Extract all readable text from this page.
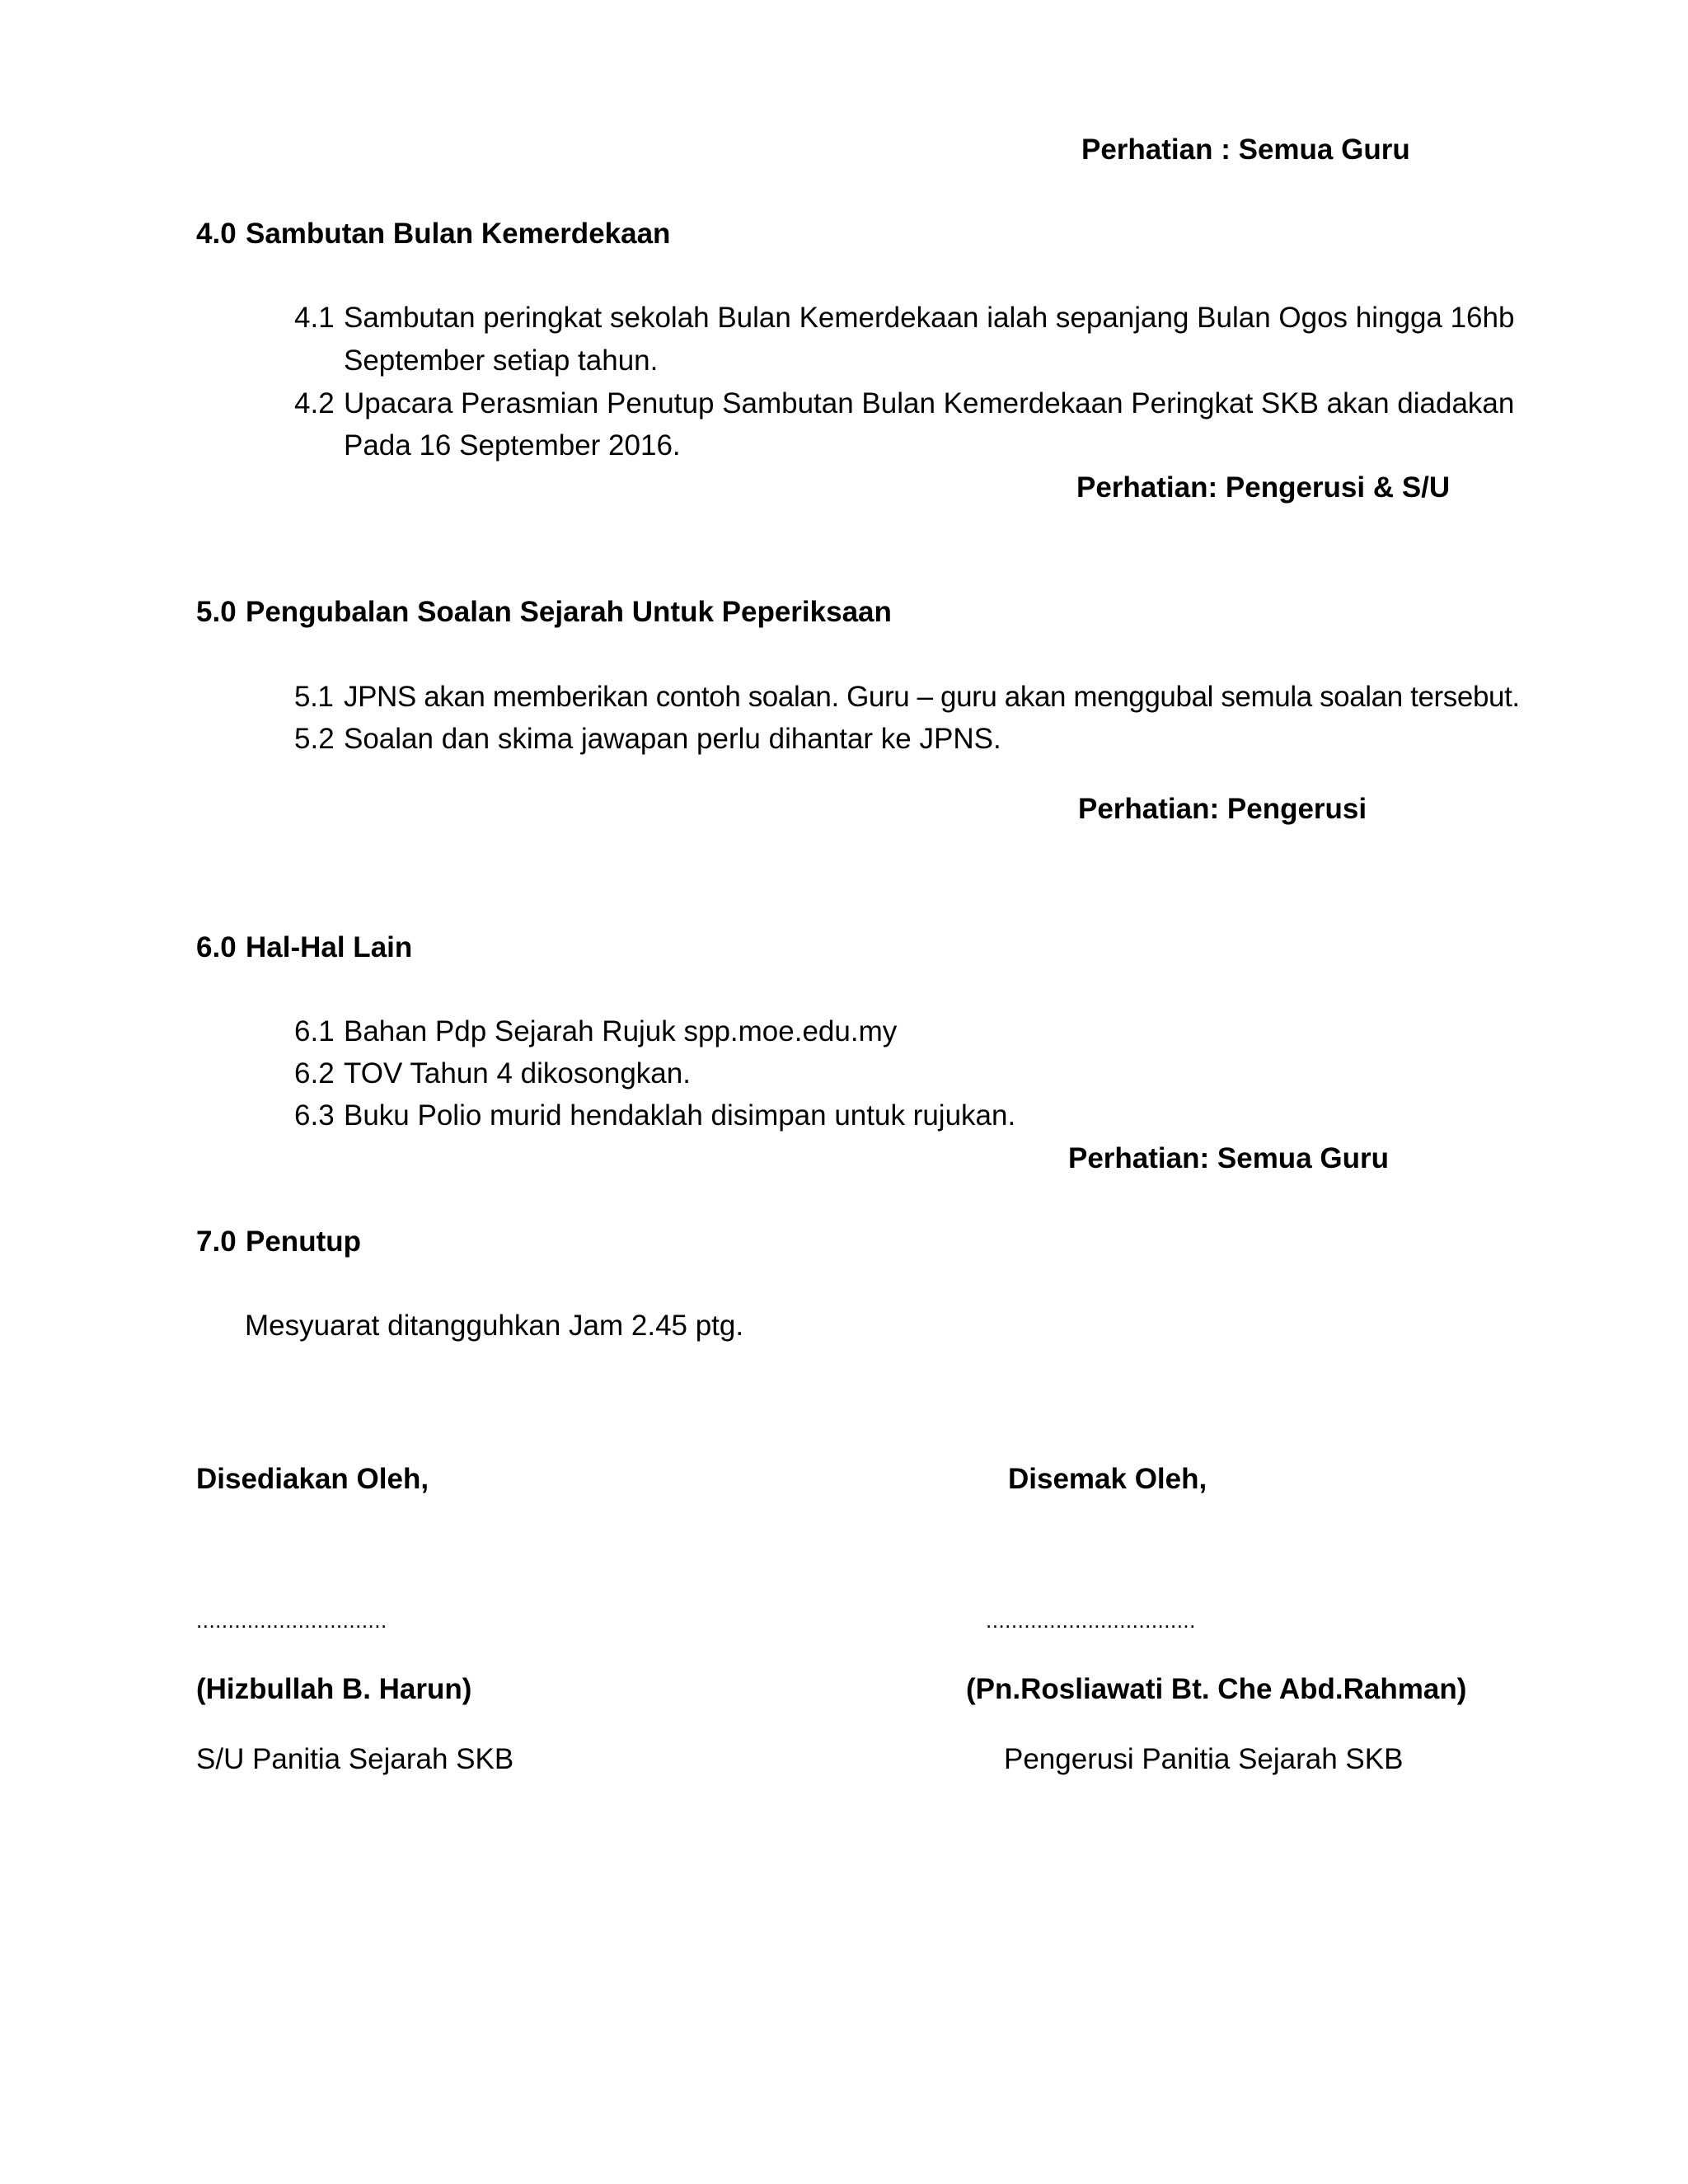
Perhatian : Semua Guru
4.0 Sambutan Bulan Kemerdekaan
4.1 Sambutan peringkat sekolah Bulan Kemerdekaan ialah sepanjang Bulan Ogos hingga 16hb
September setiap tahun.
4.2 Upacara Perasmian Penutup Sambutan Bulan Kemerdekaan Peringkat SKB akan diadakan
Pada 16 September 2016.
Perhatian: Pengerusi & S/U
5.0 Pengubalan Soalan Sejarah Untuk Peperiksaan
5.1 JPNS akan memberikan contoh soalan. Guru – guru akan menggubal semula soalan tersebut.
5.2 Soalan dan skima jawapan perlu dihantar ke JPNS.
Perhatian: Pengerusi
6.0 Hal-Hal Lain
6.1 Bahan Pdp Sejarah Rujuk spp.moe.edu.my
6.2 TOV Tahun 4 dikosongkan.
6.3 Buku Polio murid hendaklah disimpan untuk rujukan.
Perhatian: Semua Guru
7.0 Penutup
Mesyuarat ditangguhkan Jam 2.45 ptg.
Disediakan Oleh,	Disemak Oleh,
..............................	.................................
(Hizbullah B. Harun)	(Pn.Rosliawati Bt. Che Abd.Rahman)
S/U Panitia Sejarah SKB	Pengerusi Panitia Sejarah SKB
